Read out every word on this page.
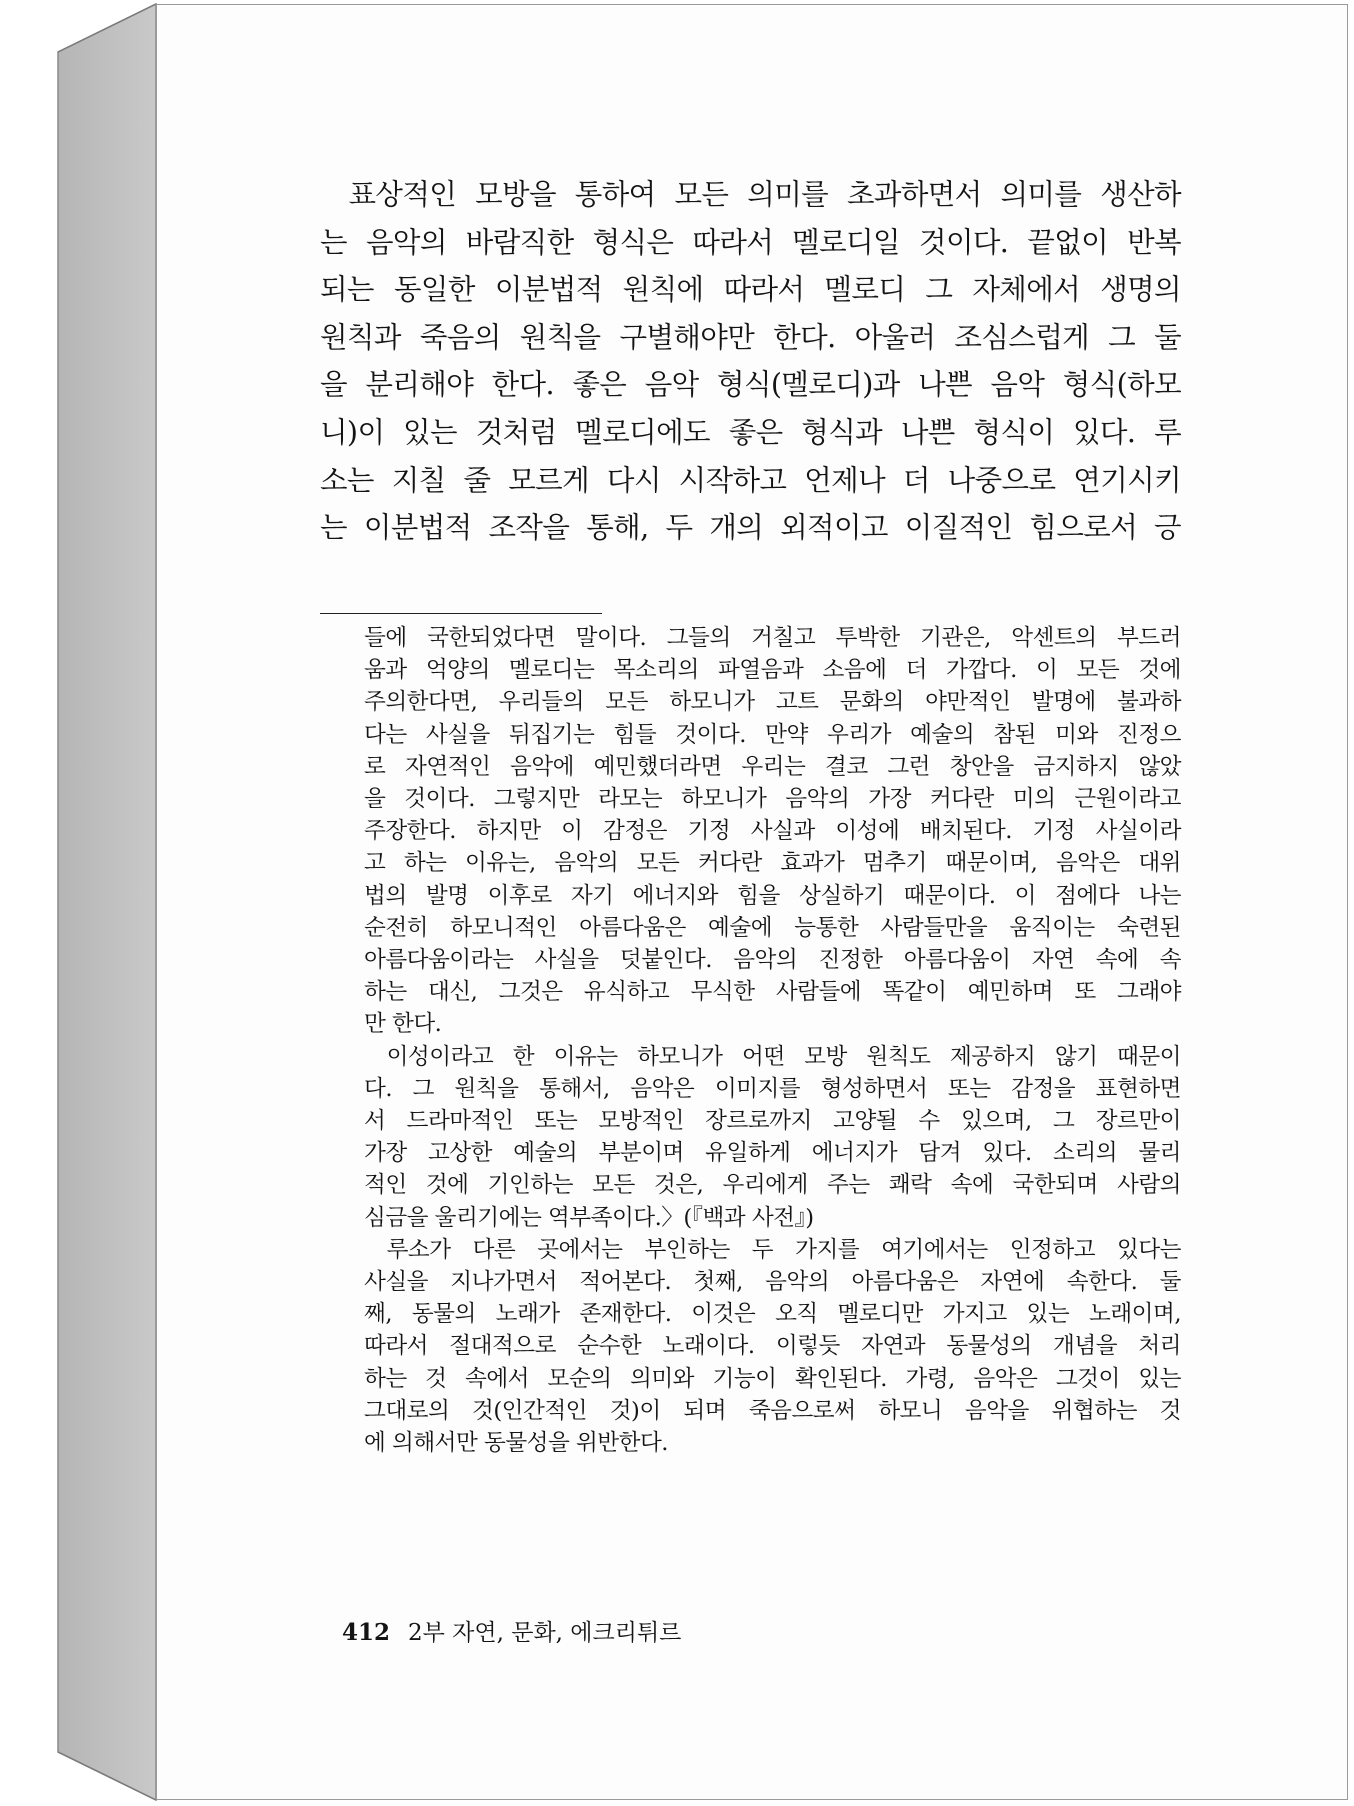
표상적인 모방을 통하여 모든 의미를 초과하면서 의미를 생산하
는 음악의 바람직한 형식은 따라서 멜로디일 것이다. 끝없이 반복
되는 동일한 이분법적 원칙에 따라서 멜로디 그 자체에서 생명의
원칙과 죽음의 원칙을 구별해야만 한다. 아울러 조심스럽게 그 둘
을 분리해야 한다. 좋은 음악 형식(멜로디)과 나쁜 음악 형식(하모
니)이 있는 것처럼 멜로디에도 좋은 형식과 나쁜 형식이 있다. 루
소는 지칠 줄 모르게 다시 시작하고 언제나 더 나중으로 연기시키
는 이분법적 조작을 통해, 두 개의 외적이고 이질적인 힘으로서 긍
들에 국한되었다면 말이다. 그들의 거칠고 투박한 기관은, 악센트의 부드러
움과 억양의 멜로디는 목소리의 파열음과 소음에 더 가깝다. 이 모든 것에
주의한다면, 우리들의 모든 하모니가 고트 문화의 야만적인 발명에 불과하
다는 사실을 뒤집기는 힘들 것이다. 만약 우리가 예술의 참된 미와 진정으
로 자연적인 음악에 예민했더라면 우리는 결코 그런 창안을 금지하지 않았
을 것이다. 그렇지만 라모는 하모니가 음악의 가장 커다란 미의 근원이라고
주장한다. 하지만 이 감정은 기정 사실과 이성에 배치된다. 기정 사실이라
고 하는 이유는, 음악의 모든 커다란 효과가 멈추기 때문이며, 음악은 대위
법의 발명 이후로 자기 에너지와 힘을 상실하기 때문이다. 이 점에다 나는
순전히 하모니적인 아름다움은 예술에 능통한 사람들만을 움직이는 숙련된
아름다움이라는 사실을 덧붙인다. 음악의 진정한 아름다움이 자연 속에 속
하는 대신, 그것은 유식하고 무식한 사람들에 똑같이 예민하며 또 그래야
만 한다.
이성이라고 한 이유는 하모니가 어떤 모방 원칙도 제공하지 않기 때문이
다. 그 원칙을 통해서, 음악은 이미지를 형성하면서 또는 감정을 표현하면
서 드라마적인 또는 모방적인 장르로까지 고양될 수 있으며, 그 장르만이
가장 고상한 예술의 부분이며 유일하게 에너지가 담겨 있다. 소리의 물리
적인 것에 기인하는 모든 것은, 우리에게 주는 쾌락 속에 국한되며 사람의
심금을 울리기에는 역부족이다.〉(『백과 사전』)
루소가 다른 곳에서는 부인하는 두 가지를 여기에서는 인정하고 있다는
사실을 지나가면서 적어본다. 첫째, 음악의 아름다움은 자연에 속한다. 둘
째, 동물의 노래가 존재한다. 이것은 오직 멜로디만 가지고 있는 노래이며,
따라서 절대적으로 순수한 노래이다. 이렇듯 자연과 동물성의 개념을 처리
하는 것 속에서 모순의 의미와 기능이 확인된다. 가령, 음악은 그것이 있는
그대로의 것(인간적인 것)이 되며 죽음으로써 하모니 음악을 위협하는 것
에 의해서만 동물성을 위반한다.
412 2부 자연, 문화, 에크리튀르
